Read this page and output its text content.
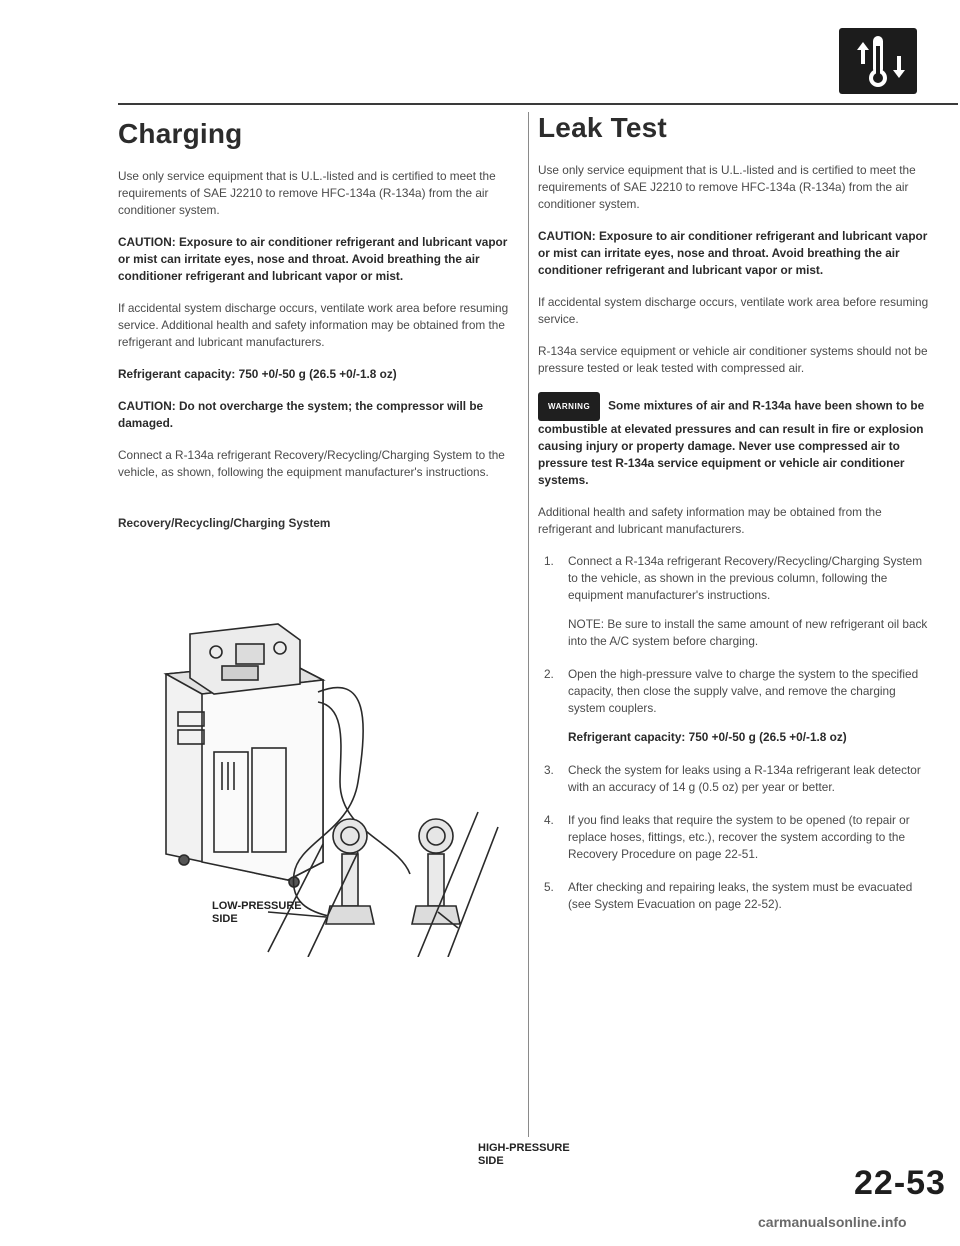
Charging

Use only service equipment that is U.L.-listed and is certified to meet the requirements of SAE J2210 to remove HFC-134a (R-134a) from the air conditioner system.

CAUTION: Exposure to air conditioner refrigerant and lubricant vapor or mist can irritate eyes, nose and throat. Avoid breathing the air conditioner refrigerant and lubricant vapor or mist.

If accidental system discharge occurs, ventilate work area before resuming service. Additional health and safety information may be obtained from the refrigerant and lubricant manufacturers.

Refrigerant capacity: 750 +0/-50 g (26.5 +0/-1.8 oz)

CAUTION: Do not overcharge the system; the compressor will be damaged.

Connect a R-134a refrigerant Recovery/Recycling/Charging System to the vehicle, as shown, following the equipment manufacturer's instructions.

Recovery/Recycling/Charging System

LOW-PRESSURE
SIDE
HIGH-PRESSURE
SIDE
Leak Test

Use only service equipment that is U.L.-listed and is certified to meet the requirements of SAE J2210 to remove HFC-134a (R-134a) from the air conditioner system.

CAUTION: Exposure to air conditioner refrigerant and lubricant vapor or mist can irritate eyes, nose and throat. Avoid breathing the air conditioner refrigerant and lubricant vapor or mist.

If accidental system discharge occurs, ventilate work area before resuming service.

R-134a service equipment or vehicle air conditioner systems should not be pressure tested or leak tested with compressed air.

WARNING Some mixtures of air and R-134a have been shown to be combustible at elevated pressures and can result in fire or explosion causing injury or property damage. Never use compressed air to pressure test R-134a service equipment or vehicle air conditioner systems.

Additional health and safety information may be obtained from the refrigerant and lubricant manufacturers.

1. Connect a R-134a refrigerant Recovery/Recycling/Charging System to the vehicle, as shown in the previous column, following the equipment manufacturer's instructions.

NOTE: Be sure to install the same amount of new refrigerant oil back into the A/C system before charging.

2. Open the high-pressure valve to charge the system to the specified capacity, then close the supply valve, and remove the charging system couplers.

Refrigerant capacity: 750 +0/-50 g (26.5 +0/-1.8 oz)

3. Check the system for leaks using a R-134a refrigerant leak detector with an accuracy of 14 g (0.5 oz) per year or better.
4. If you find leaks that require the system to be opened (to repair or replace hoses, fittings, etc.), recover the system according to the Recovery Procedure on page 22-51.
5. After checking and repairing leaks, the system must be evacuated (see System Evacuation on page 22-52).
22-53
carmanualsonline.info
